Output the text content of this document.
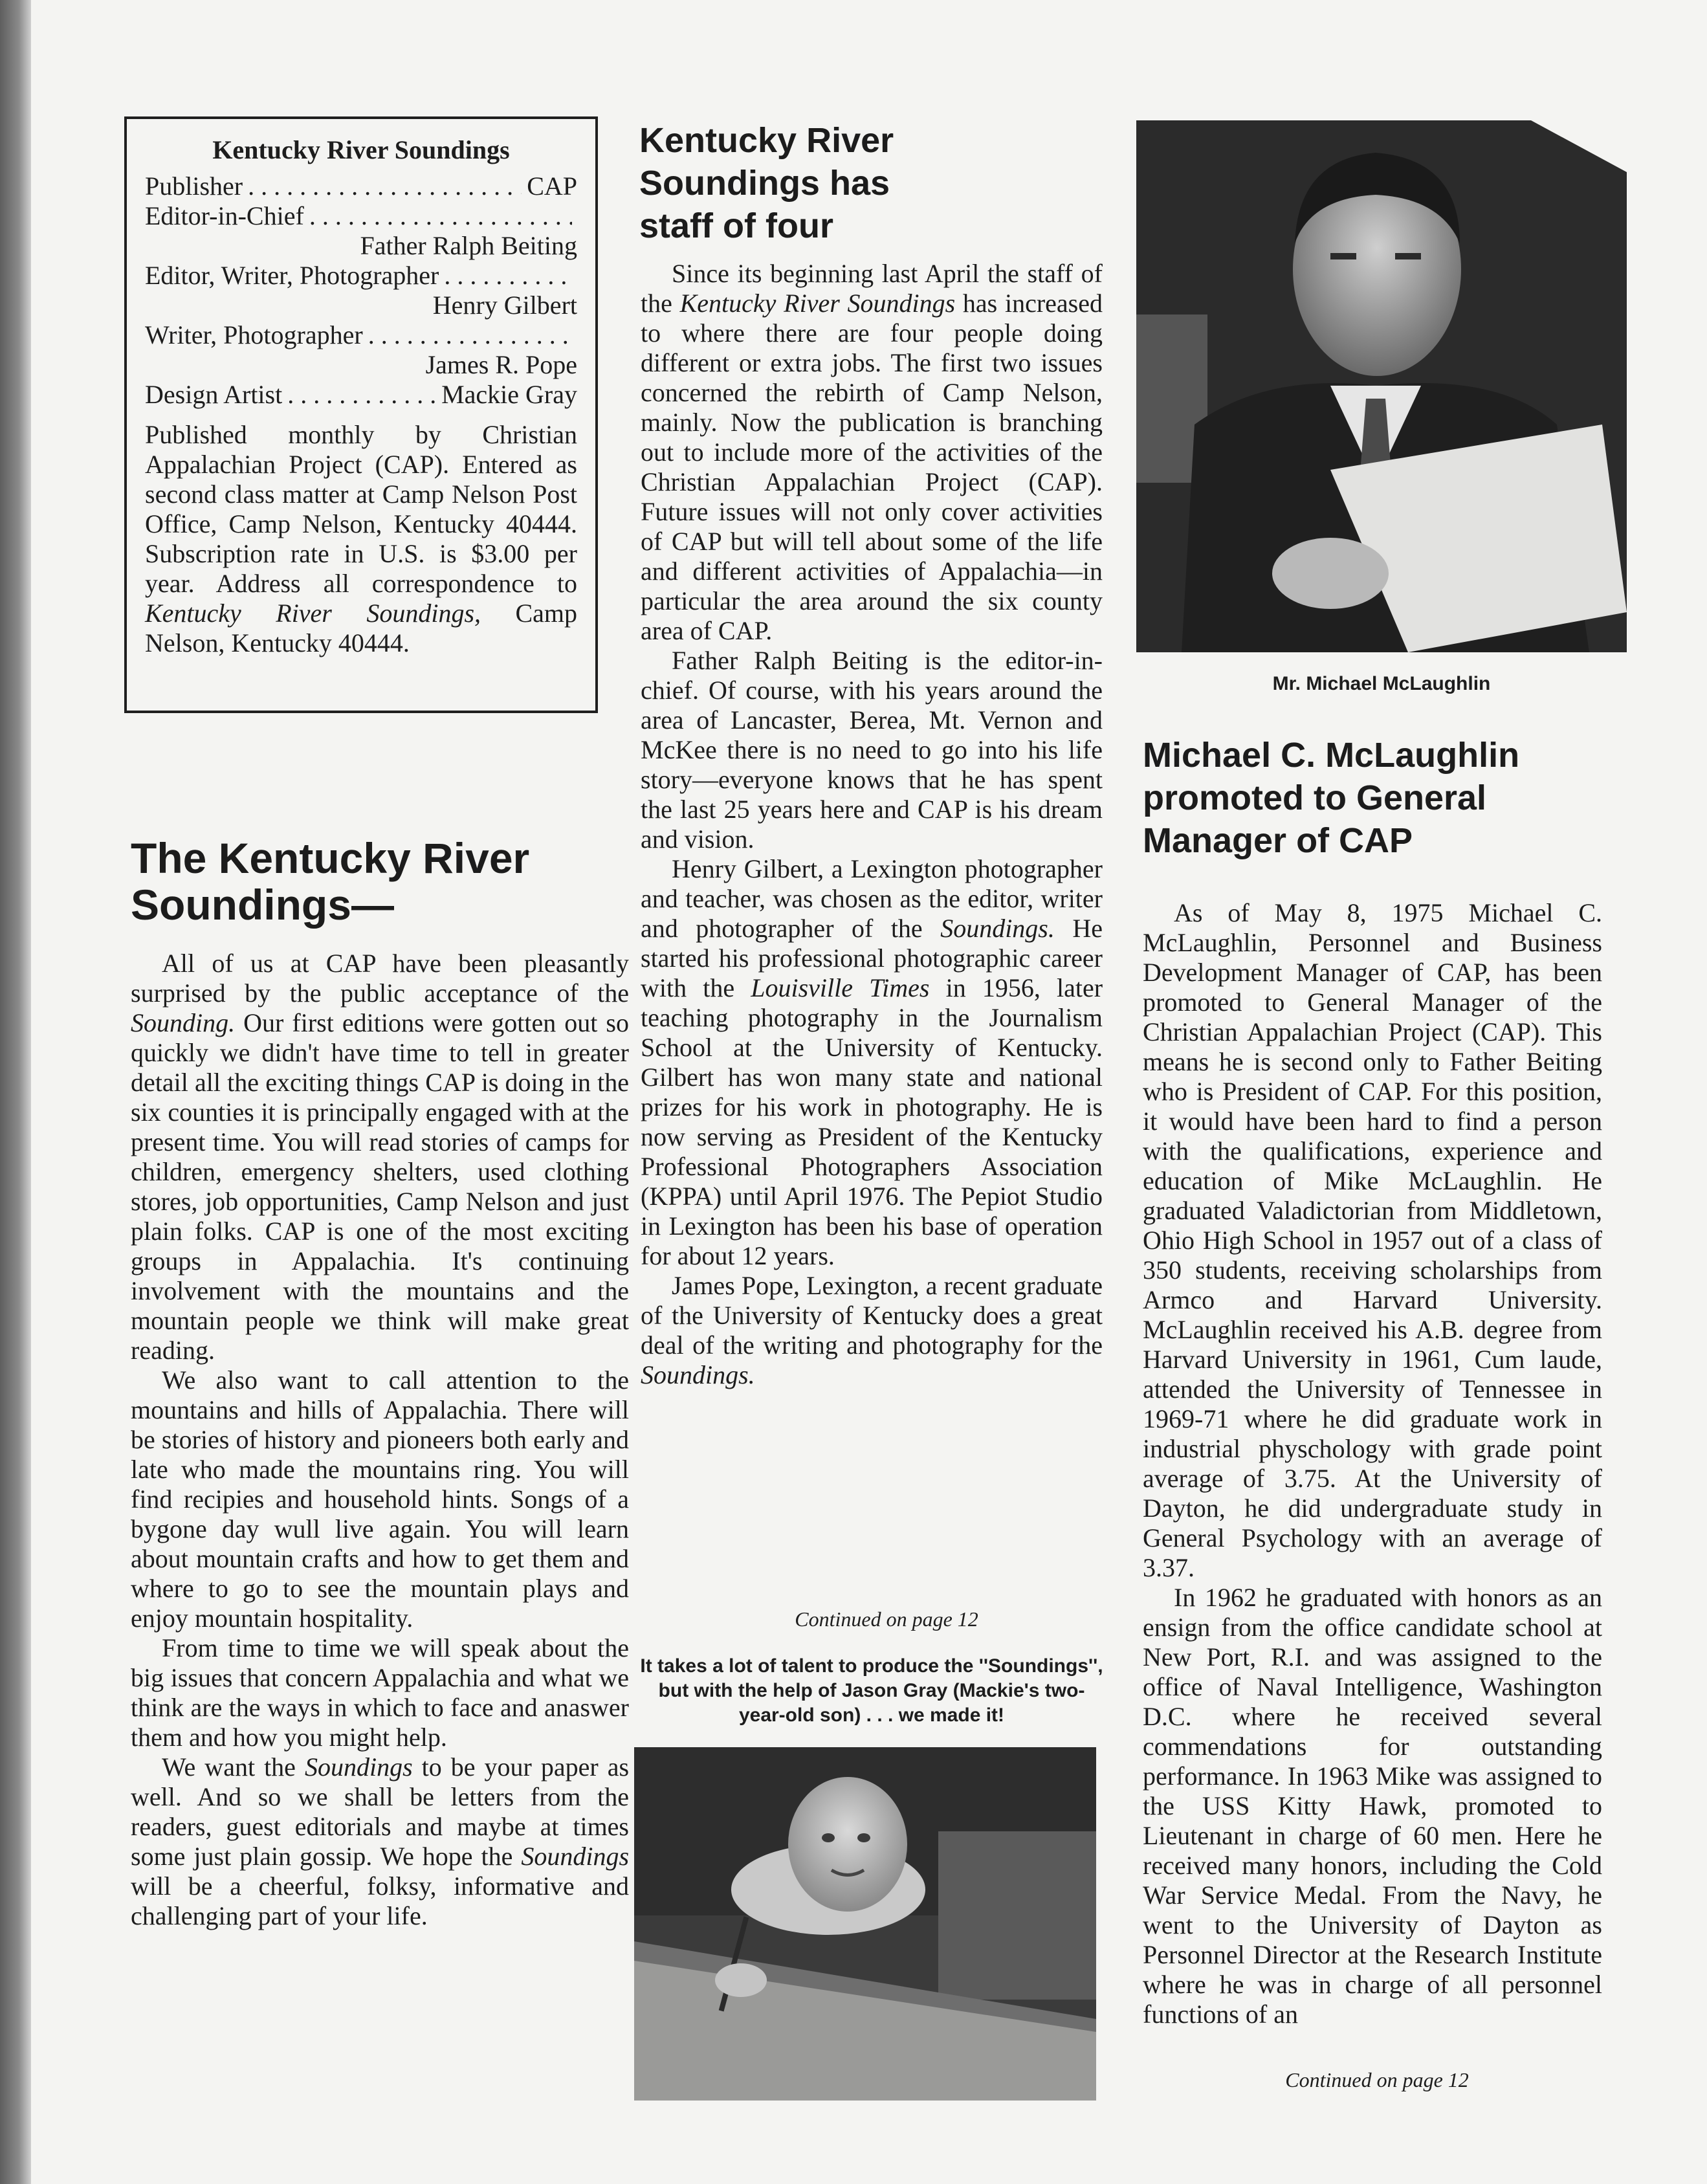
Kentucky River Soundings
Publisher . . .	CAP
Editor-in-Chief
. . .
Father Ralph Beiting
Editor, Writer, Photographer
. . .
Henry Gilbert
Writer, Photographer
. . .
James R. Pope
Design Artist . . .	Mackie Gray
Published monthly by Christian Appalachian Project (CAP). Entered as second class matter at Camp Nelson Post Office, Camp Nelson, Kentucky 40444. Subscription rate in U.S. is $3.00 per year. Address all correspondence to Kentucky River Soundings, Camp Nelson, Kentucky 40444.
The Kentucky River Soundings—

All of us at CAP have been pleasantly surprised by the public acceptance of the Sounding. Our first editions were gotten out so quickly we didn't have time to tell in greater detail all the exciting things CAP is doing in the six counties it is principally engaged with at the present time. You will read stories of camps for children, emergency shelters, used clothing stores, job opportunities, Camp Nelson and just plain folks. CAP is one of the most exciting groups in Appalachia. It's continuing involvement with the mountains and the mountain people we think will make great reading.

We also want to call attention to the mountains and hills of Appalachia. There will be stories of history and pioneers both early and late who made the mountains ring. You will find recipies and household hints. Songs of a bygone day wull live again. You will learn about mountain crafts and how to get them and where to go to see the mountain plays and enjoy mountain hospitality.

From time to time we will speak about the big issues that concern Appalachia and what we think are the ways in which to face and anaswer them and how you might help.

We want the Soundings to be your paper as well. And so we shall be letters from the readers, guest editorials and maybe at times some just plain gossip. We hope the Soundings will be a cheerful, folksy, informative and challenging part of your life.

Kentucky River
Soundings has
staff of four

Since its beginning last April the staff of the Kentucky River Soundings has increased to where there are four people doing different or extra jobs. The first two issues concerned the rebirth of Camp Nelson, mainly. Now the publication is branching out to include more of the activities of the Christian Appalachian Project (CAP). Future issues will not only cover activities of CAP but will tell about some of the life and different activities of Appalachia—in particular the area around the six county area of CAP.

Father Ralph Beiting is the editor-in-chief. Of course, with his years around the area of Lancaster, Berea, Mt. Vernon and McKee there is no need to go into his life story—everyone knows that he has spent the last 25 years here and CAP is his dream and vision.

Henry Gilbert, a Lexington photographer and teacher, was chosen as the editor, writer and photographer of the Soundings. He started his professional photographic career with the Louisville Times in 1956, later teaching photography in the Journalism School at the University of Kentucky. Gilbert has won many state and national prizes for his work in photography. He is now serving as President of the Kentucky Professional Photographers Association (KPPA) until April 1976. The Pepiot Studio in Lexington has been his base of operation for about 12 years.

James Pope, Lexington, a recent graduate of the University of Kentucky does a great deal of the writing and photography for the Soundings.

Continued on page 12
It takes a lot of talent to produce the ''Soundings'', but with the help of Jason Gray (Mackie's two-year-old son) . . . we made it!
Mr. Michael McLaughlin
Michael C. McLaughlin
promoted to General
Manager of CAP

As of May 8, 1975 Michael C. McLaughlin, Personnel and Business Development Manager of CAP, has been promoted to General Manager of the Christian Appalachian Project (CAP). This means he is second only to Father Beiting who is President of CAP. For this position, it would have been hard to find a person with the qualifications, experience and education of Mike McLaughlin. He graduated Valadictorian from Middletown, Ohio High School in 1957 out of a class of 350 students, receiving scholarships from Armco and Harvard University. McLaughlin received his A.B. degree from Harvard University in 1961, Cum laude, attended the University of Tennessee in 1969-71 where he did graduate work in industrial physchology with grade point average of 3.75. At the University of Dayton, he did undergraduate study in General Psychology with an average of 3.37.

In 1962 he graduated with honors as an ensign from the office candidate school at New Port, R.I. and was assigned to the office of Naval Intelligence, Washington D.C. where he received several commendations for outstanding performance. In 1963 Mike was assigned to the USS Kitty Hawk, promoted to Lieutenant in charge of 60 men. Here he received many honors, including the Cold War Service Medal. From the Navy, he went to the University of Dayton as Personnel Director at the Research Institute where he was in charge of all personnel functions of an

Continued on page 12
